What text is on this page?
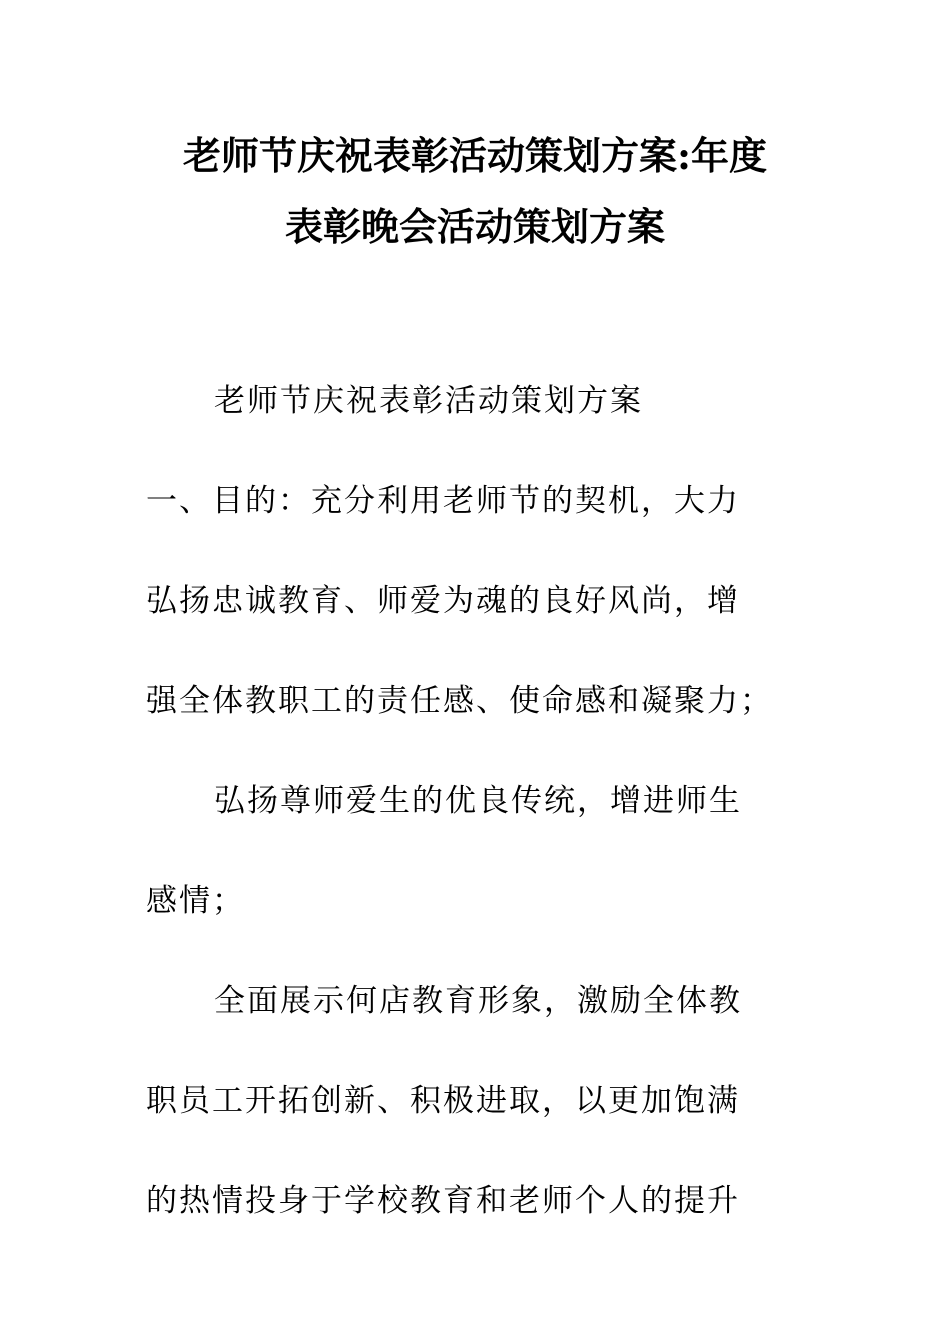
老师节庆祝表彰活动策划方案:年度
表彰晚会活动策划方案
老师节庆祝表彰活动策划方案
一、目的：充分利用老师节的契机，大力
弘扬忠诚教育、师爱为魂的良好风尚，增
强全体教职工的责任感、使命感和凝聚力；
弘扬尊师爱生的优良传统，增进师生
感情；
全面展示何店教育形象，激励全体教
职员工开拓创新、积极进取，以更加饱满
的热情投身于学校教育和老师个人的提升
